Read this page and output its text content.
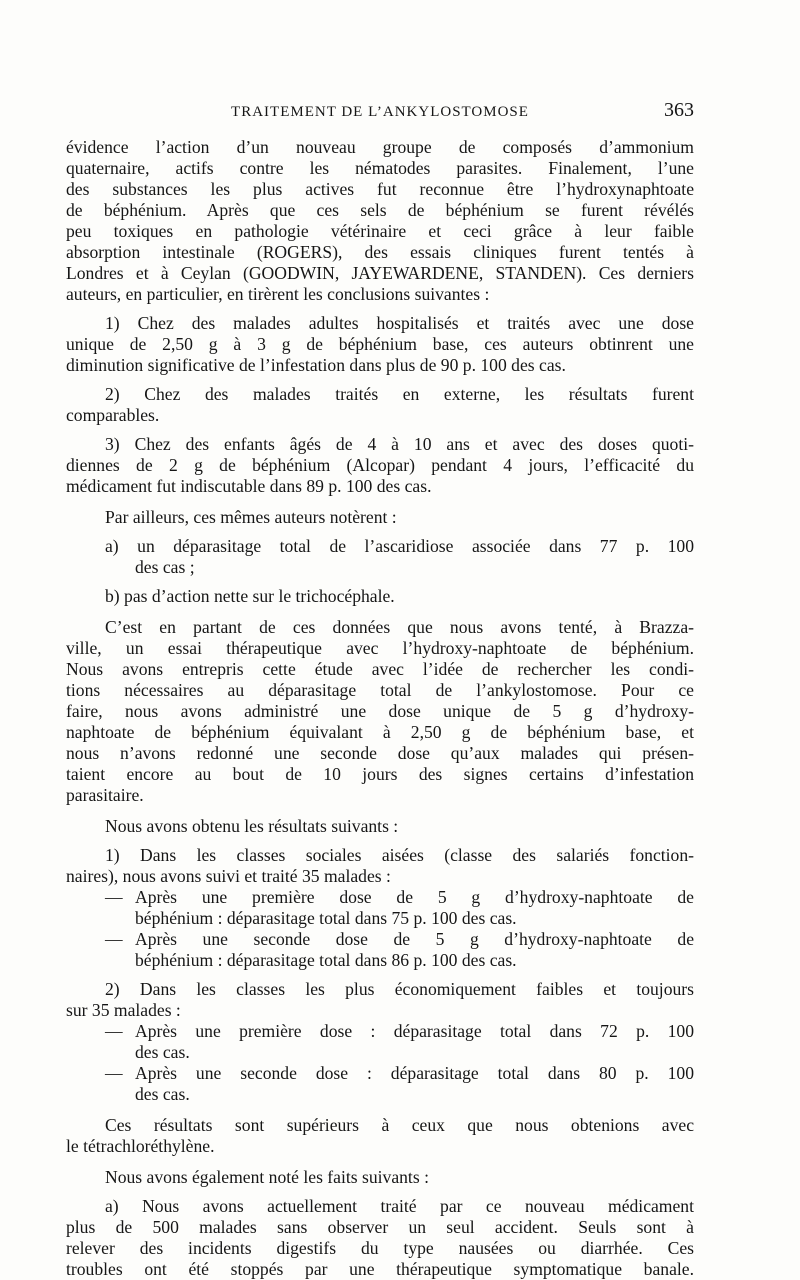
TRAITEMENT DE L’ANKYLOSTOMOSE	363
évidence l’action d’un nouveau groupe de composés d’ammonium
quaternaire, actifs contre les nématodes parasites. Finalement, l’une
des substances les plus actives fut reconnue être l’hydroxynaphtoate
de béphénium. Après que ces sels de béphénium se furent révélés
peu toxiques en pathologie vétérinaire et ceci grâce à leur faible
absorption intestinale (ROGERS), des essais cliniques furent tentés à
Londres et à Ceylan (GOODWIN, JAYEWARDENE, STANDEN). Ces derniers
auteurs, en particulier, en tirèrent les conclusions suivantes :
1) Chez des malades adultes hospitalisés et traités avec une dose
unique de 2,50 g à 3 g de béphénium base, ces auteurs obtinrent une
diminution significative de l’infestation dans plus de 90 p. 100 des cas.
2) Chez des malades traités en externe, les résultats furent
comparables.
3) Chez des enfants âgés de 4 à 10 ans et avec des doses quoti-
diennes de 2 g de béphénium (Alcopar) pendant 4 jours, l’efficacité du
médicament fut indiscutable dans 89 p. 100 des cas.
Par ailleurs, ces mêmes auteurs notèrent :
a) un déparasitage total de l’ascaridiose associée dans 77 p. 100
des cas ;
b) pas d’action nette sur le trichocéphale.
C’est en partant de ces données que nous avons tenté, à Brazza-
ville, un essai thérapeutique avec l’hydroxy-naphtoate de béphénium.
Nous avons entrepris cette étude avec l’idée de rechercher les condi-
tions nécessaires au déparasitage total de l’ankylostomose. Pour ce
faire, nous avons administré une dose unique de 5 g d’hydroxy-
naphtoate de béphénium équivalant à 2,50 g de béphénium base, et
nous n’avons redonné une seconde dose qu’aux malades qui présen-
taient encore au bout de 10 jours des signes certains d’infestation
parasitaire.
Nous avons obtenu les résultats suivants :
1) Dans les classes sociales aisées (classe des salariés fonction-
naires), nous avons suivi et traité 35 malades :
— Après une première dose de 5 g d’hydroxy-naphtoate de
béphénium : déparasitage total dans 75 p. 100 des cas.
— Après une seconde dose de 5 g d’hydroxy-naphtoate de
béphénium : déparasitage total dans 86 p. 100 des cas.
2) Dans les classes les plus économiquement faibles et toujours
sur 35 malades :
— Après une première dose : déparasitage total dans 72 p. 100
des cas.
— Après une seconde dose : déparasitage total dans 80 p. 100
des cas.
Ces résultats sont supérieurs à ceux que nous obtenions avec
le tétrachloréthylène.
Nous avons également noté les faits suivants :
a) Nous avons actuellement traité par ce nouveau médicament
plus de 500 malades sans observer un seul accident. Seuls sont à
relever des incidents digestifs du type nausées ou diarrhée. Ces
troubles ont été stoppés par une thérapeutique symptomatique banale.
